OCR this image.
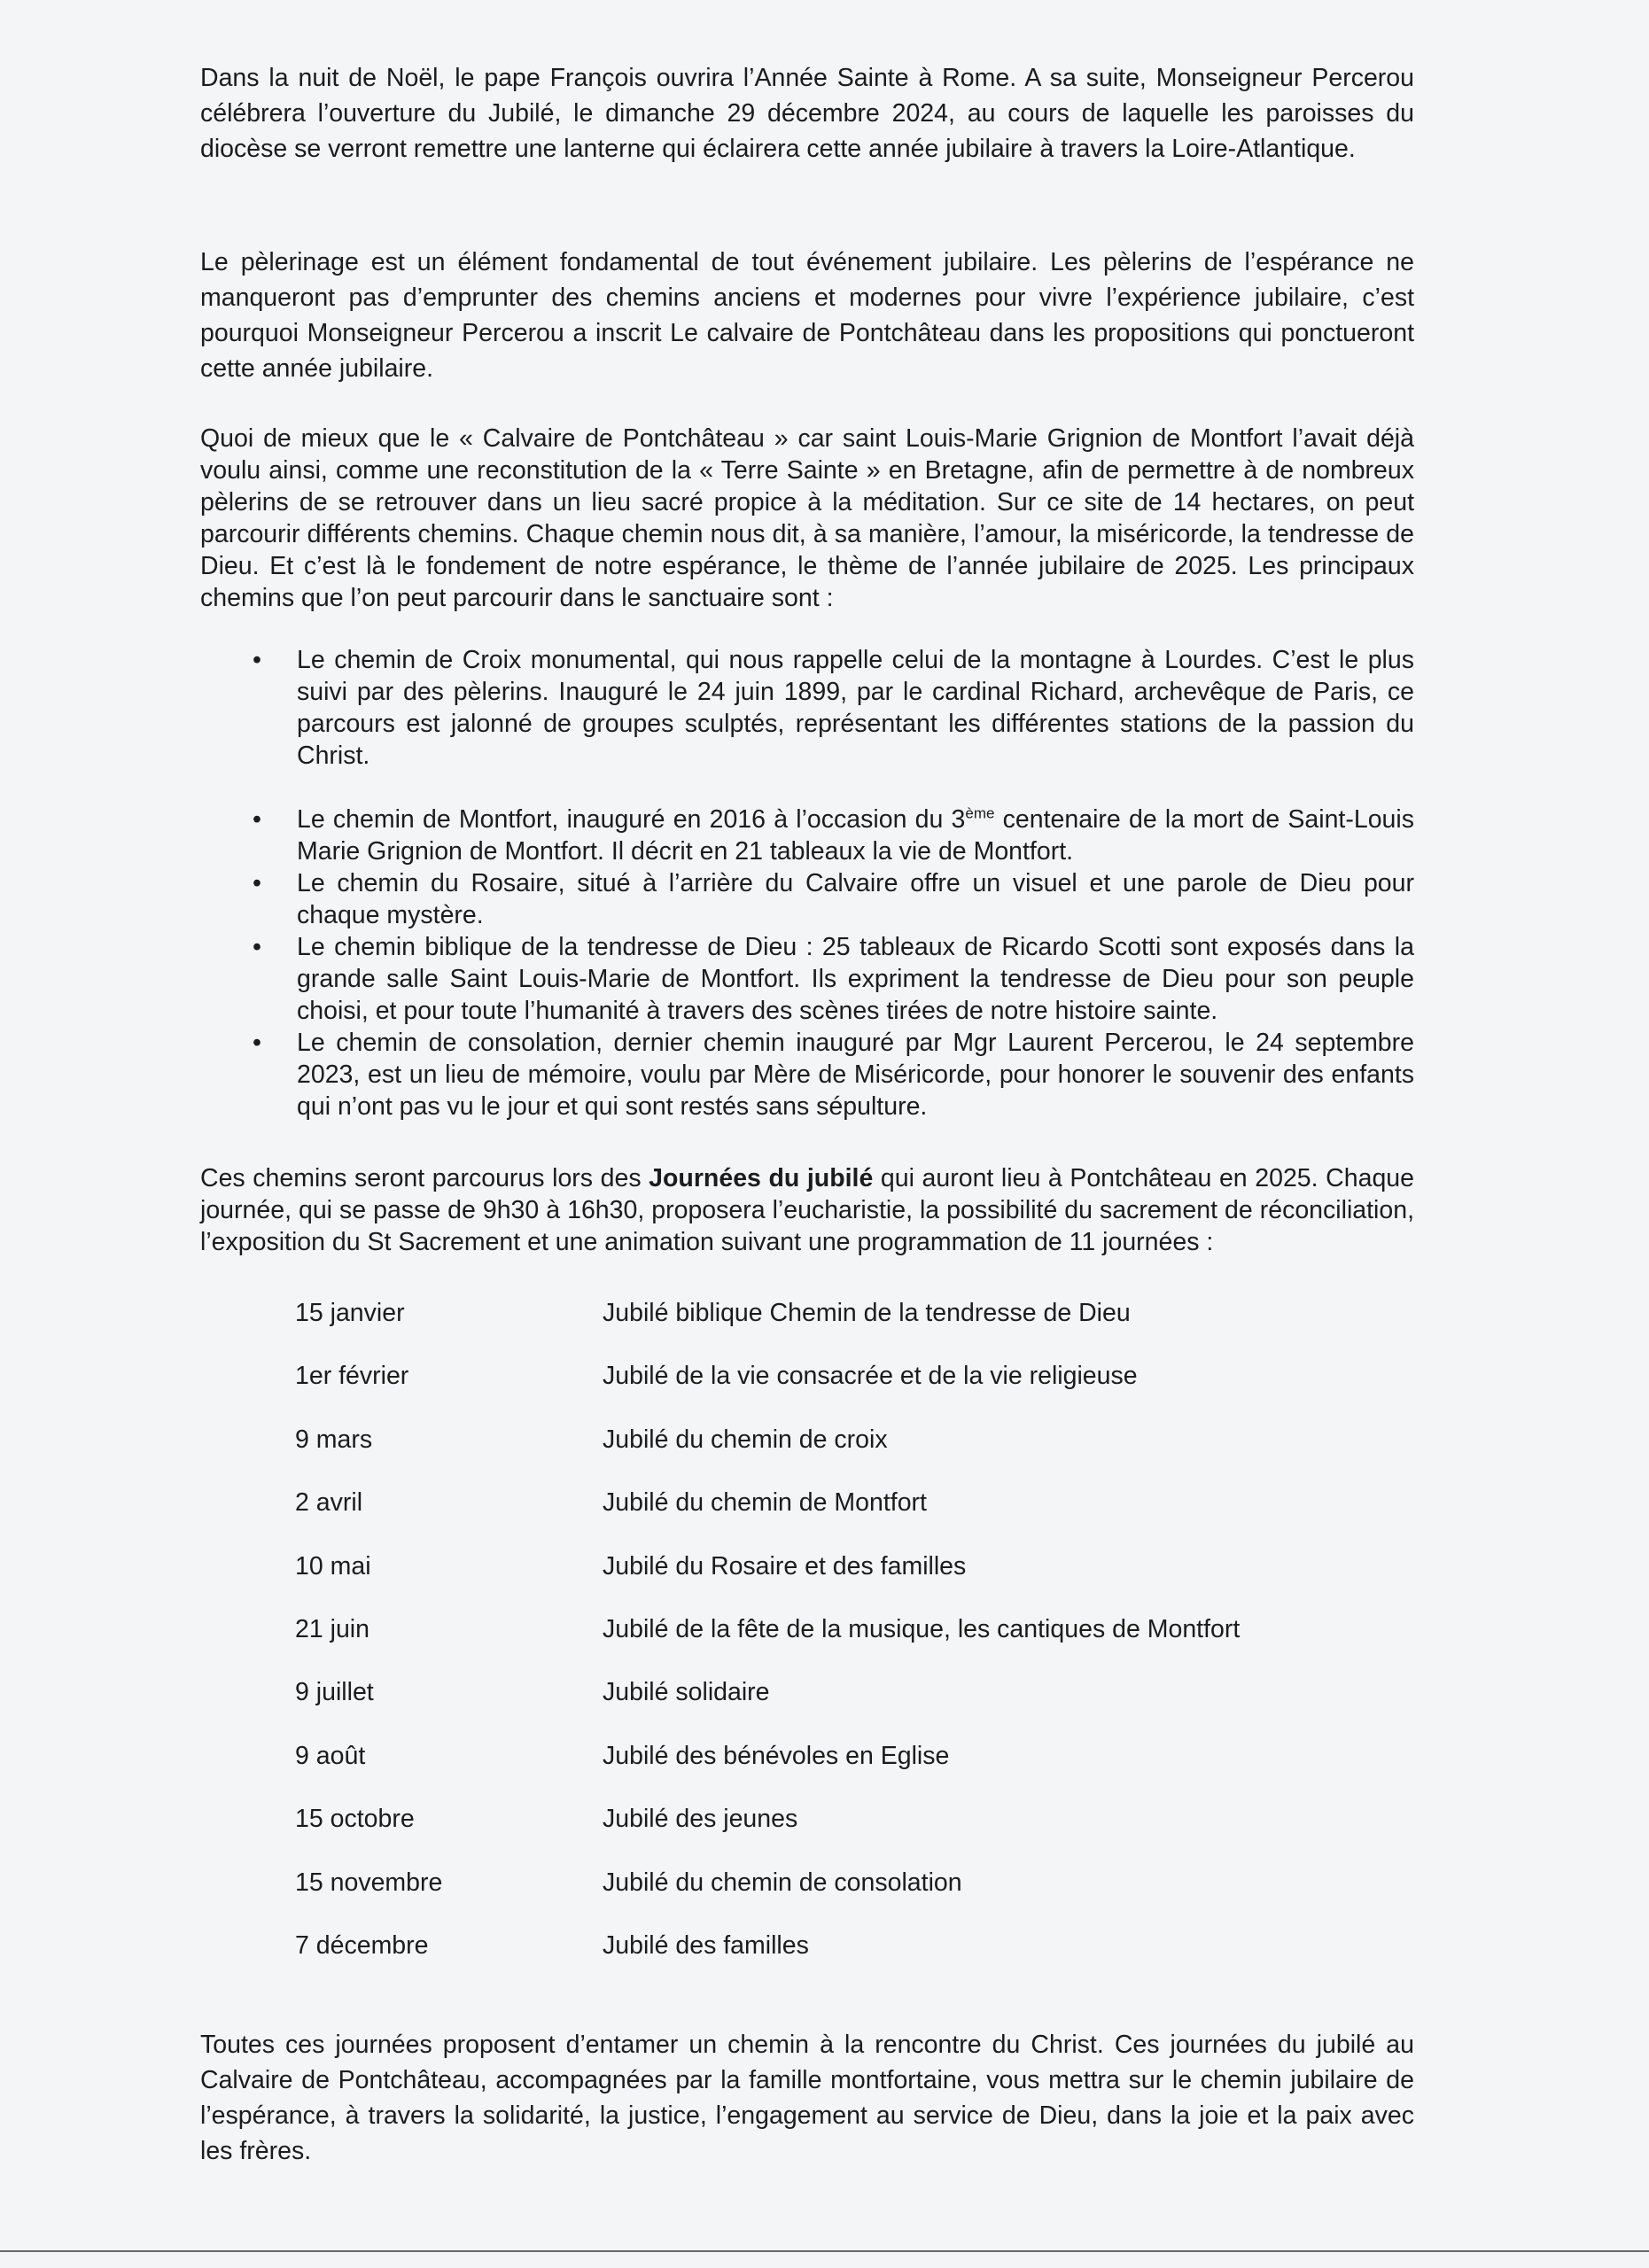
Dans la nuit de Noël, le pape François ouvrira l’Année Sainte à Rome. A sa suite, Monseigneur Percerou célébrera l’ouverture du Jubilé, le dimanche 29 décembre 2024, au cours de laquelle les paroisses du diocèse se verront remettre une lanterne qui éclairera cette année jubilaire à travers la Loire-Atlantique.

Le pèlerinage est un élément fondamental de tout événement jubilaire. Les pèlerins de l’espérance ne manqueront pas d’emprunter des chemins anciens et modernes pour vivre l’expérience jubilaire, c’est pourquoi Monseigneur Percerou a inscrit Le calvaire de Pontchâteau dans les propositions qui ponctueront cette année jubilaire.

Quoi de mieux que le « Calvaire de Pontchâteau » car saint Louis-Marie Grignion de Montfort l’avait déjà voulu ainsi, comme une reconstitution de la « Terre Sainte » en Bretagne, afin de permettre à de nombreux pèlerins de se retrouver dans un lieu sacré propice à la méditation. Sur ce site de 14 hectares, on peut parcourir différents chemins. Chaque chemin nous dit, à sa manière, l’amour, la miséricorde, la tendresse de Dieu. Et c’est là le fondement de notre espérance, le thème de l’année jubilaire de 2025. Les principaux chemins que l’on peut parcourir dans le sanctuaire sont :

• Le chemin de Croix monumental, qui nous rappelle celui de la montagne à Lourdes. C’est le plus suivi par des pèlerins. Inauguré le 24 juin 1899, par le cardinal Richard, archevêque de Paris, ce parcours est jalonné de groupes sculptés, représentant les différentes stations de la passion du Christ.

• Le chemin de Montfort, inauguré en 2016 à l’occasion du 3ème centenaire de la mort de Saint-Louis Marie Grignion de Montfort. Il décrit en 21 tableaux la vie de Montfort.

• Le chemin du Rosaire, situé à l’arrière du Calvaire offre un visuel et une parole de Dieu pour chaque mystère.

• Le chemin biblique de la tendresse de Dieu : 25 tableaux de Ricardo Scotti sont exposés dans la grande salle Saint Louis-Marie de Montfort. Ils expriment la tendresse de Dieu pour son peuple choisi, et pour toute l’humanité à travers des scènes tirées de notre histoire sainte.

• Le chemin de consolation, dernier chemin inauguré par Mgr Laurent Percerou, le 24 septembre 2023, est un lieu de mémoire, voulu par Mère de Miséricorde, pour honorer le souvenir des enfants qui n’ont pas vu le jour et qui sont restés sans sépulture.

Ces chemins seront parcourus lors des Journées du jubilé qui auront lieu à Pontchâteau en 2025. Chaque journée, qui se passe de 9h30 à 16h30, proposera l’eucharistie, la possibilité du sacrement de réconciliation, l’exposition du St Sacrement et une animation suivant une programmation de 11 journées :

15 janvier	Jubilé biblique Chemin de la tendresse de Dieu
1er février	Jubilé de la vie consacrée et de la vie religieuse
9 mars	Jubilé du chemin de croix
2 avril	Jubilé du chemin de Montfort
10 mai	Jubilé du Rosaire et des familles
21 juin	Jubilé de la fête de la musique, les cantiques de Montfort
9 juillet	Jubilé solidaire
9 août	Jubilé des bénévoles en Eglise
15 octobre	Jubilé des jeunes
15 novembre	Jubilé du chemin de consolation
7 décembre	Jubilé des familles

Toutes ces journées proposent d’entamer un chemin à la rencontre du Christ. Ces journées du jubilé au Calvaire de Pontchâteau, accompagnées par la famille montfortaine, vous mettra sur le chemin jubilaire de l’espérance, à travers la solidarité, la justice, l’engagement au service de Dieu, dans la joie et la paix avec les frères.
